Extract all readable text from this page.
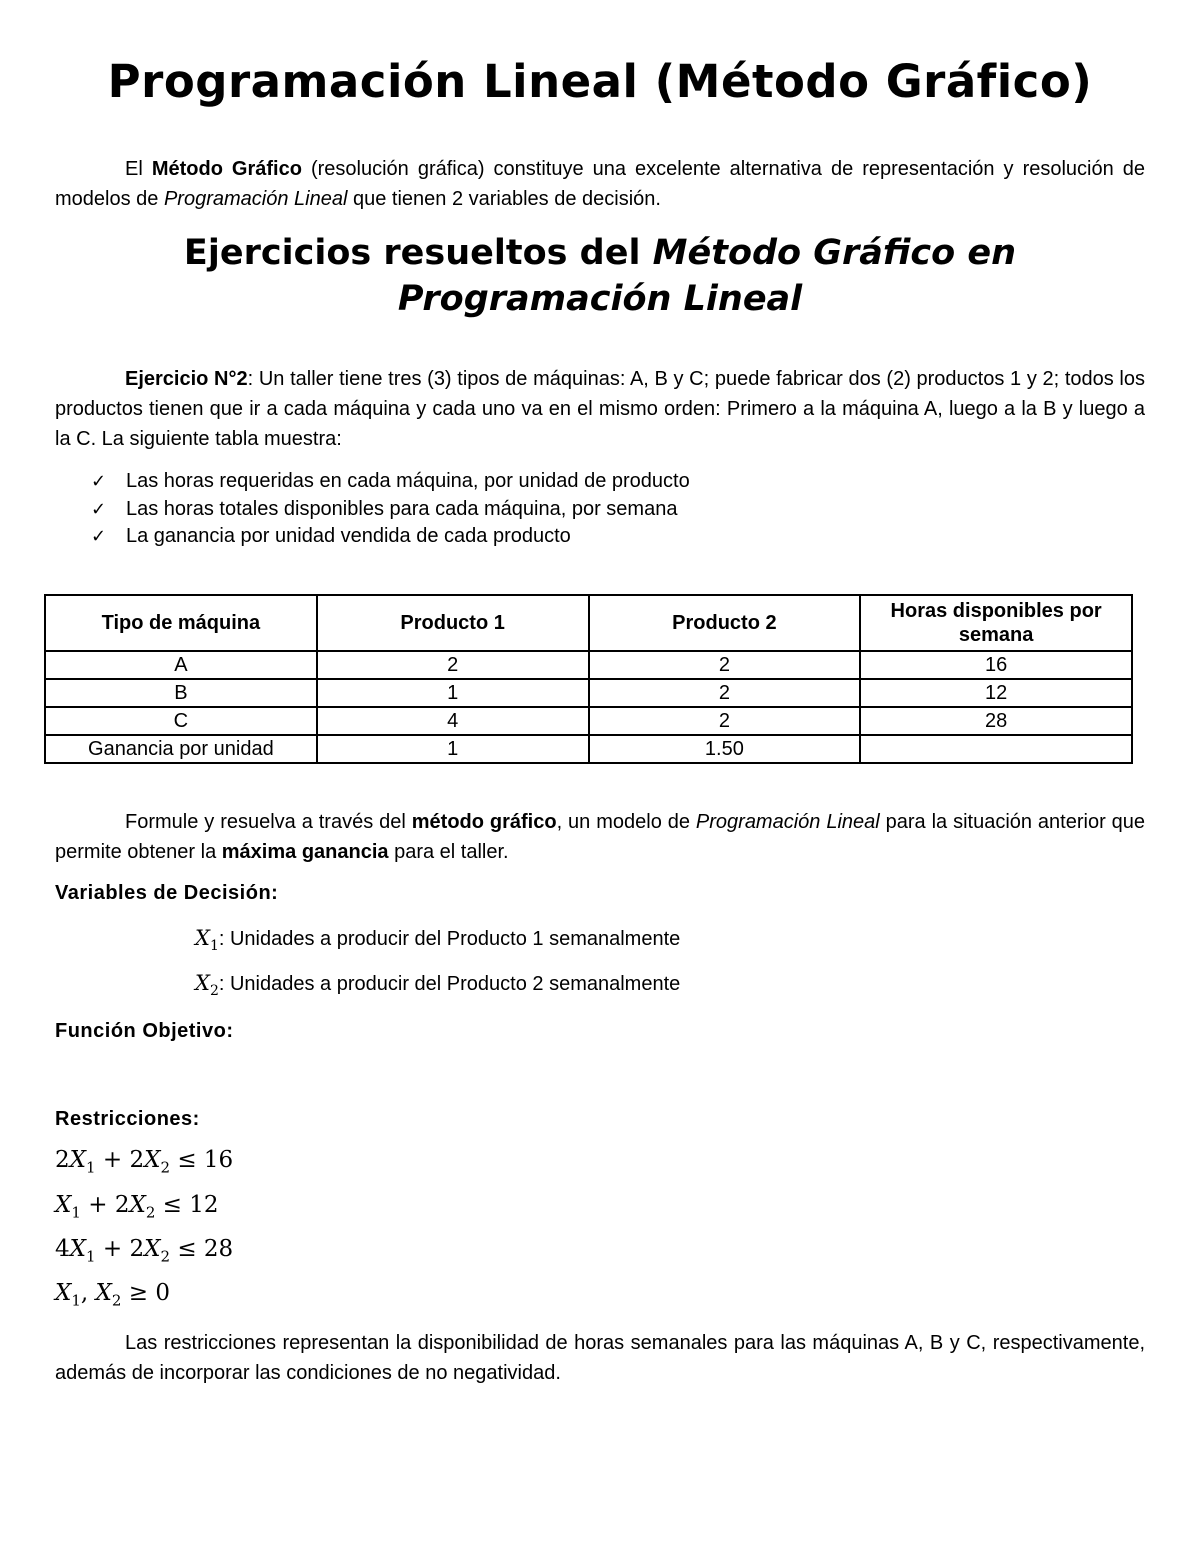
Programación Lineal (Método Gráfico)
El Método Gráfico (resolución gráfica) constituye una excelente alternativa de representación y resolución de modelos de Programación Lineal que tienen 2 variables de decisión.
Ejercicios resueltos del Método Gráfico en
Programación Lineal
Ejercicio N°2: Un taller tiene tres (3) tipos de máquinas: A, B y C; puede fabricar dos (2) productos 1 y 2; todos los productos tienen que ir a cada máquina y cada uno va en el mismo orden: Primero a la máquina A, luego a la B y luego a la C. La siguiente tabla muestra:
✓ Las horas requeridas en cada máquina, por unidad de producto
✓ Las horas totales disponibles para cada máquina, por semana
✓ La ganancia por unidad vendida de cada producto
Tipo de máquina	Producto 1	Producto 2	Horas disponibles por semana
A	2	2	16
B	1	2	12
C	4	2	28
Ganancia por unidad	1	1.50	
Formule y resuelva a través del método gráfico, un modelo de Programación Lineal para la situación anterior que permite obtener la máxima ganancia para el taller.
Variables de Decisión:
$X_1$: Unidades a producir del Producto 1 semanalmente
$X_2$: Unidades a producir del Producto 2 semanalmente
Función Objetivo:
Restricciones:
$2X_1 + 2X_2 \le 16$
$X_1 + 2X_2 \le 12$
$4X_1 + 2X_2 \le 28$
$X_1$, $X_2 \ge 0$
Las restricciones representan la disponibilidad de horas semanales para las máquinas A, B y C, respectivamente, además de incorporar las condiciones de no negatividad.
